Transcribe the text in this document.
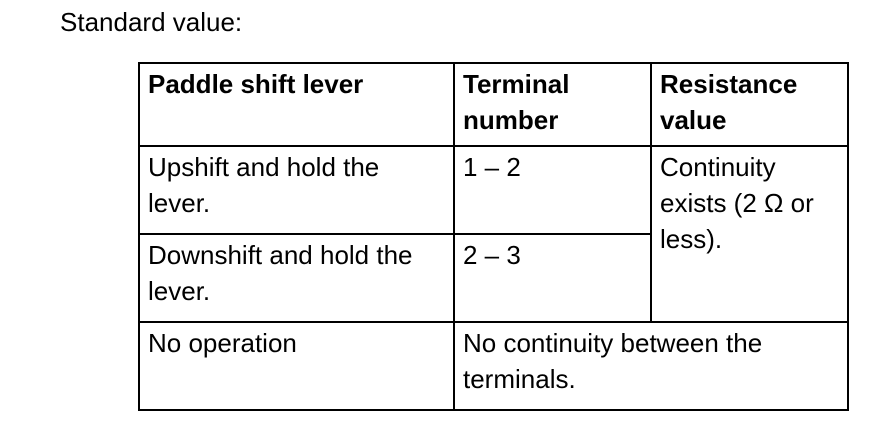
Standard value:
Paddle shift lever	Terminal number	Resistance value

Upshift and hold the lever.	1 – 2	Continuity exists (2 Ω or less).

Downshift and hold the lever.	2 – 3	

No operation	No continuity between the terminals.	
